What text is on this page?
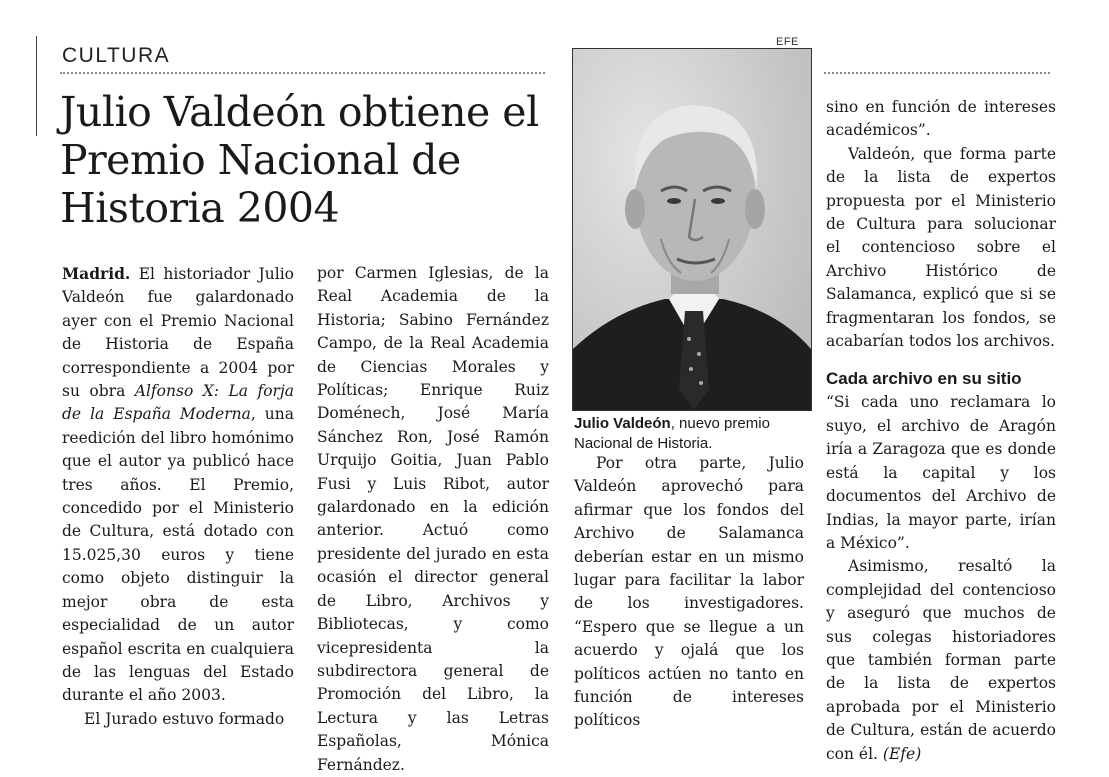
CULTURA
Julio Valdeón obtiene el Premio Nacional de Historia 2004
EFE
Julio Valdeón, nuevo premio Nacional de Historia.

Madrid. El historiador Julio Valdeón fue galardonado ayer con el Premio Nacional de Historia de España correspondiente a 2004 por su obra Alfonso X: La forja de la España Moderna, una reedición del libro homónimo que el autor ya publicó hace tres años. El Premio, concedido por el Ministerio de Cultura, está dotado con 15.025,30 euros y tiene como objeto distinguir la mejor obra de esta especialidad de un autor español escrita en cualquiera de las lenguas del Estado durante el año 2003.

El Jurado estuvo formado

por Carmen Iglesias, de la Real Academia de la Historia; Sabino Fernández Campo, de la Real Academia de Ciencias Morales y Políticas; Enrique Ruiz Doménech, José María Sánchez Ron, José Ramón Urquijo Goitia, Juan Pablo Fusi y Luis Ribot, autor galardonado en la edición anterior. Actuó como presidente del jurado en esta ocasión el director general de Libro, Archivos y Bibliotecas, y como vicepresidenta la subdirectora general de Promoción del Libro, la Lectura y las Letras Españolas, Mónica Fernández.

Por otra parte, Julio Valdeón aprovechó para afirmar que los fondos del Archivo de Salamanca deberían estar en un mismo lugar para facilitar la labor de los investigadores. “Espero que se llegue a un acuerdo y ojalá que los políticos actúen no tanto en función de intereses políticos

sino en función de intereses académicos”.

Valdeón, que forma parte de la lista de expertos propuesta por el Ministerio de Cultura para solucionar el contencioso sobre el Archivo Histórico de Salamanca, explicó que si se fragmentaran los fondos, se acabarían todos los archivos.

Cada archivo en su sitio

“Si cada uno reclamara lo suyo, el archivo de Aragón iría a Zaragoza que es donde está la capital y los documentos del Archivo de Indias, la mayor parte, irían a México”.

Asimismo, resaltó la complejidad del contencioso y aseguró que muchos de sus colegas historiadores que también forman parte de la lista de expertos aprobada por el Ministerio de Cultura, están de acuerdo con él. (Efe)
